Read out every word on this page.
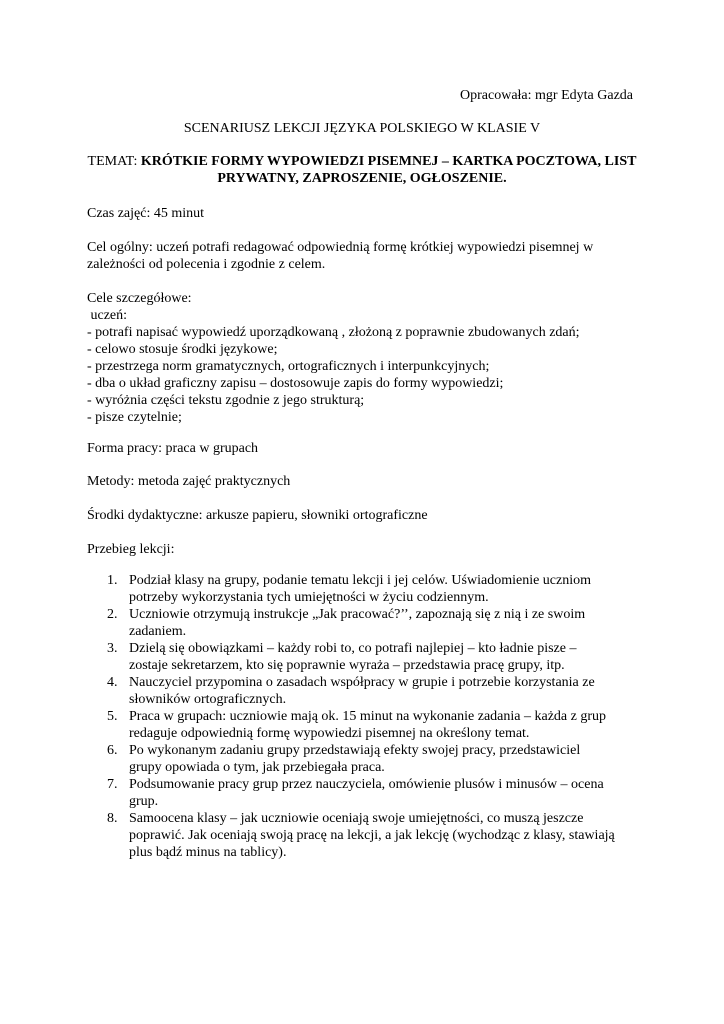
Opracowała: mgr Edyta Gazda
SCENARIUSZ LEKCJI JĘZYKA POLSKIEGO W KLASIE V
TEMAT: KRÓTKIE FORMY WYPOWIEDZI PISEMNEJ – KARTKA POCZTOWA, LIST PRYWATNY, ZAPROSZENIE, OGŁOSZENIE.
Czas zajęć: 45 minut
Cel ogólny: uczeń potrafi redagować odpowiednią formę krótkiej wypowiedzi pisemnej w
zależności od polecenia i zgodnie z celem.
Cele szczegółowe:
uczeń:
- potrafi napisać wypowiedź uporządkowaną , złożoną z poprawnie zbudowanych zdań;
- celowo stosuje środki językowe;
- przestrzega norm gramatycznych, ortograficznych i interpunkcyjnych;
- dba o układ graficzny zapisu – dostosowuje zapis do formy wypowiedzi;
- wyróżnia części tekstu zgodnie z jego strukturą;
- pisze czytelnie;
Forma pracy: praca w grupach
Metody: metoda zajęć praktycznych
Środki dydaktyczne: arkusze papieru, słowniki ortograficzne
Przebieg lekcji:
1. Podział klasy na grupy, podanie tematu lekcji i jej celów. Uświadomienie uczniom
potrzeby wykorzystania tych umiejętności w życiu codziennym.
2. Uczniowie otrzymują instrukcje „Jak pracować?’’, zapoznają się z nią i ze swoim
zadaniem.
3. Dzielą się obowiązkami – każdy robi to, co potrafi najlepiej – kto ładnie pisze –
zostaje sekretarzem, kto się poprawnie wyraża – przedstawia pracę grupy, itp.
4. Nauczyciel przypomina o zasadach współpracy w grupie i potrzebie korzystania ze
słowników ortograficznych.
5. Praca w grupach: uczniowie mają ok. 15 minut na wykonanie zadania – każda z grup
redaguje odpowiednią formę wypowiedzi pisemnej na określony temat.
6. Po wykonanym zadaniu grupy przedstawiają efekty swojej pracy, przedstawiciel
grupy opowiada o tym, jak przebiegała praca.
7. Podsumowanie pracy grup przez nauczyciela, omówienie plusów i minusów – ocena
grup.
8. Samoocena klasy – jak uczniowie oceniają swoje umiejętności, co muszą jeszcze
poprawić. Jak oceniają swoją pracę na lekcji, a jak lekcję (wychodząc z klasy, stawiają
plus bądź minus na tablicy).
